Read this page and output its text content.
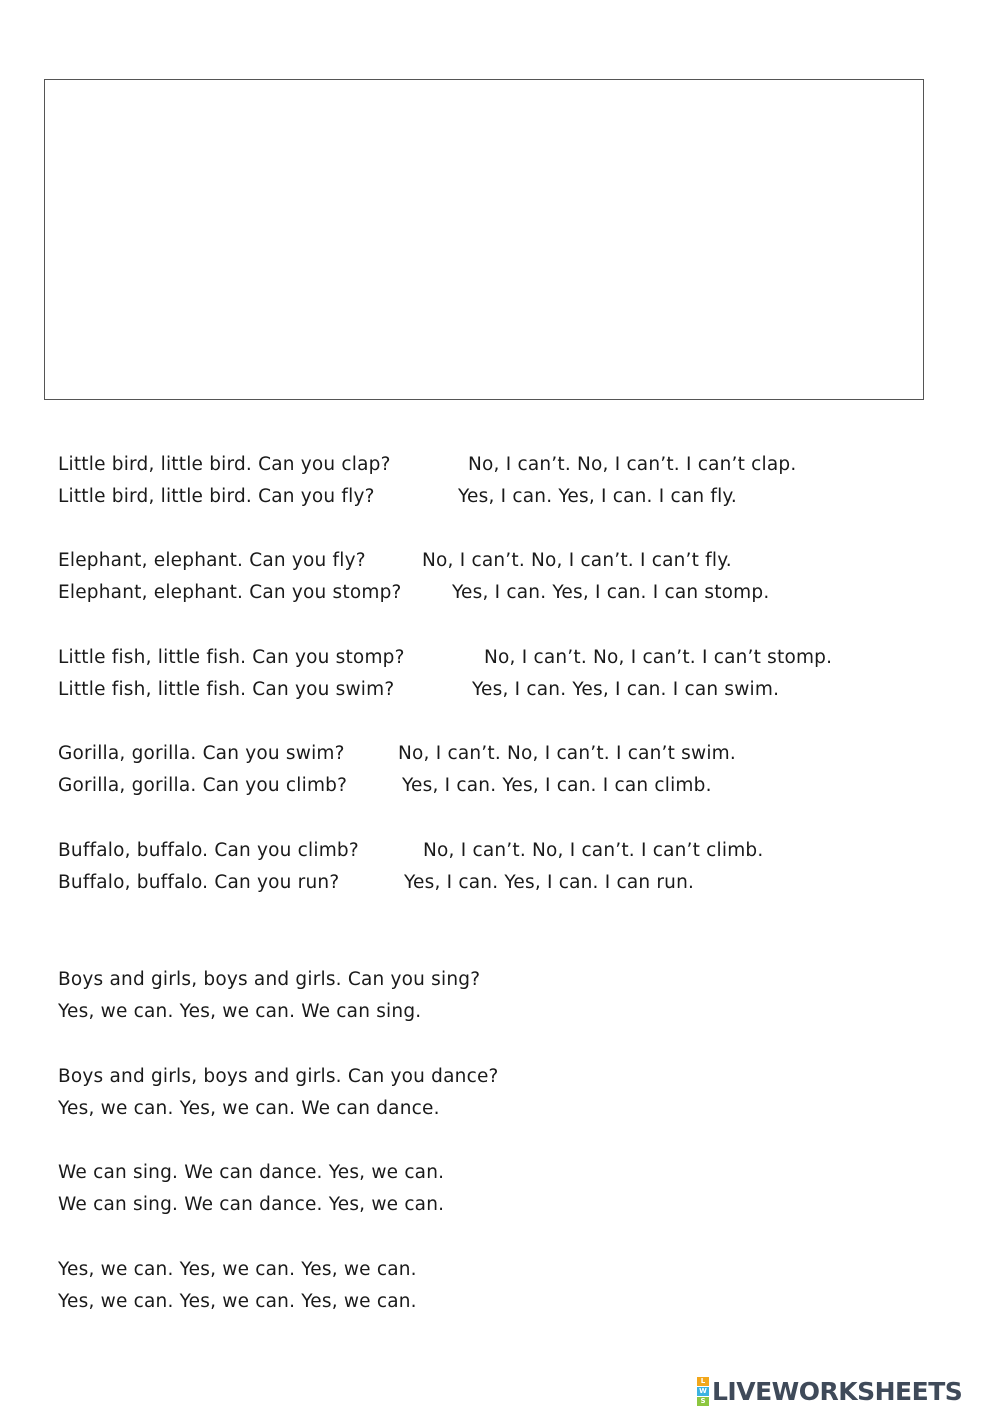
Little bird, little bird. Can you clap?	No, I can’t. No, I can’t. I can’t clap.
Little bird, little bird. Can you fly?	Yes, I can. Yes, I can. I can fly.
Elephant, elephant. Can you fly?	No, I can’t. No, I can’t. I can’t fly.
Elephant, elephant. Can you stomp?	Yes, I can. Yes, I can. I can stomp.
Little fish, little fish. Can you stomp?	No, I can’t. No, I can’t. I can’t stomp.
Little fish, little fish. Can you swim?	Yes, I can. Yes, I can. I can swim.
Gorilla, gorilla. Can you swim?	No, I can’t. No, I can’t. I can’t swim.
Gorilla, gorilla. Can you climb?	Yes, I can. Yes, I can. I can climb.
Buffalo, buffalo. Can you climb?	No, I can’t. No, I can’t. I can’t climb.
Buffalo, buffalo. Can you run?	Yes, I can. Yes, I can. I can run.
Boys and girls, boys and girls. Can you sing?
Yes, we can. Yes, we can. We can sing.
Boys and girls, boys and girls. Can you dance?
Yes, we can. Yes, we can. We can dance.
We can sing. We can dance. Yes, we can.
We can sing. We can dance. Yes, we can.
Yes, we can. Yes, we can. Yes, we can.
Yes, we can. Yes, we can. Yes, we can.
L
W
S LIVEWORKSHEETS
